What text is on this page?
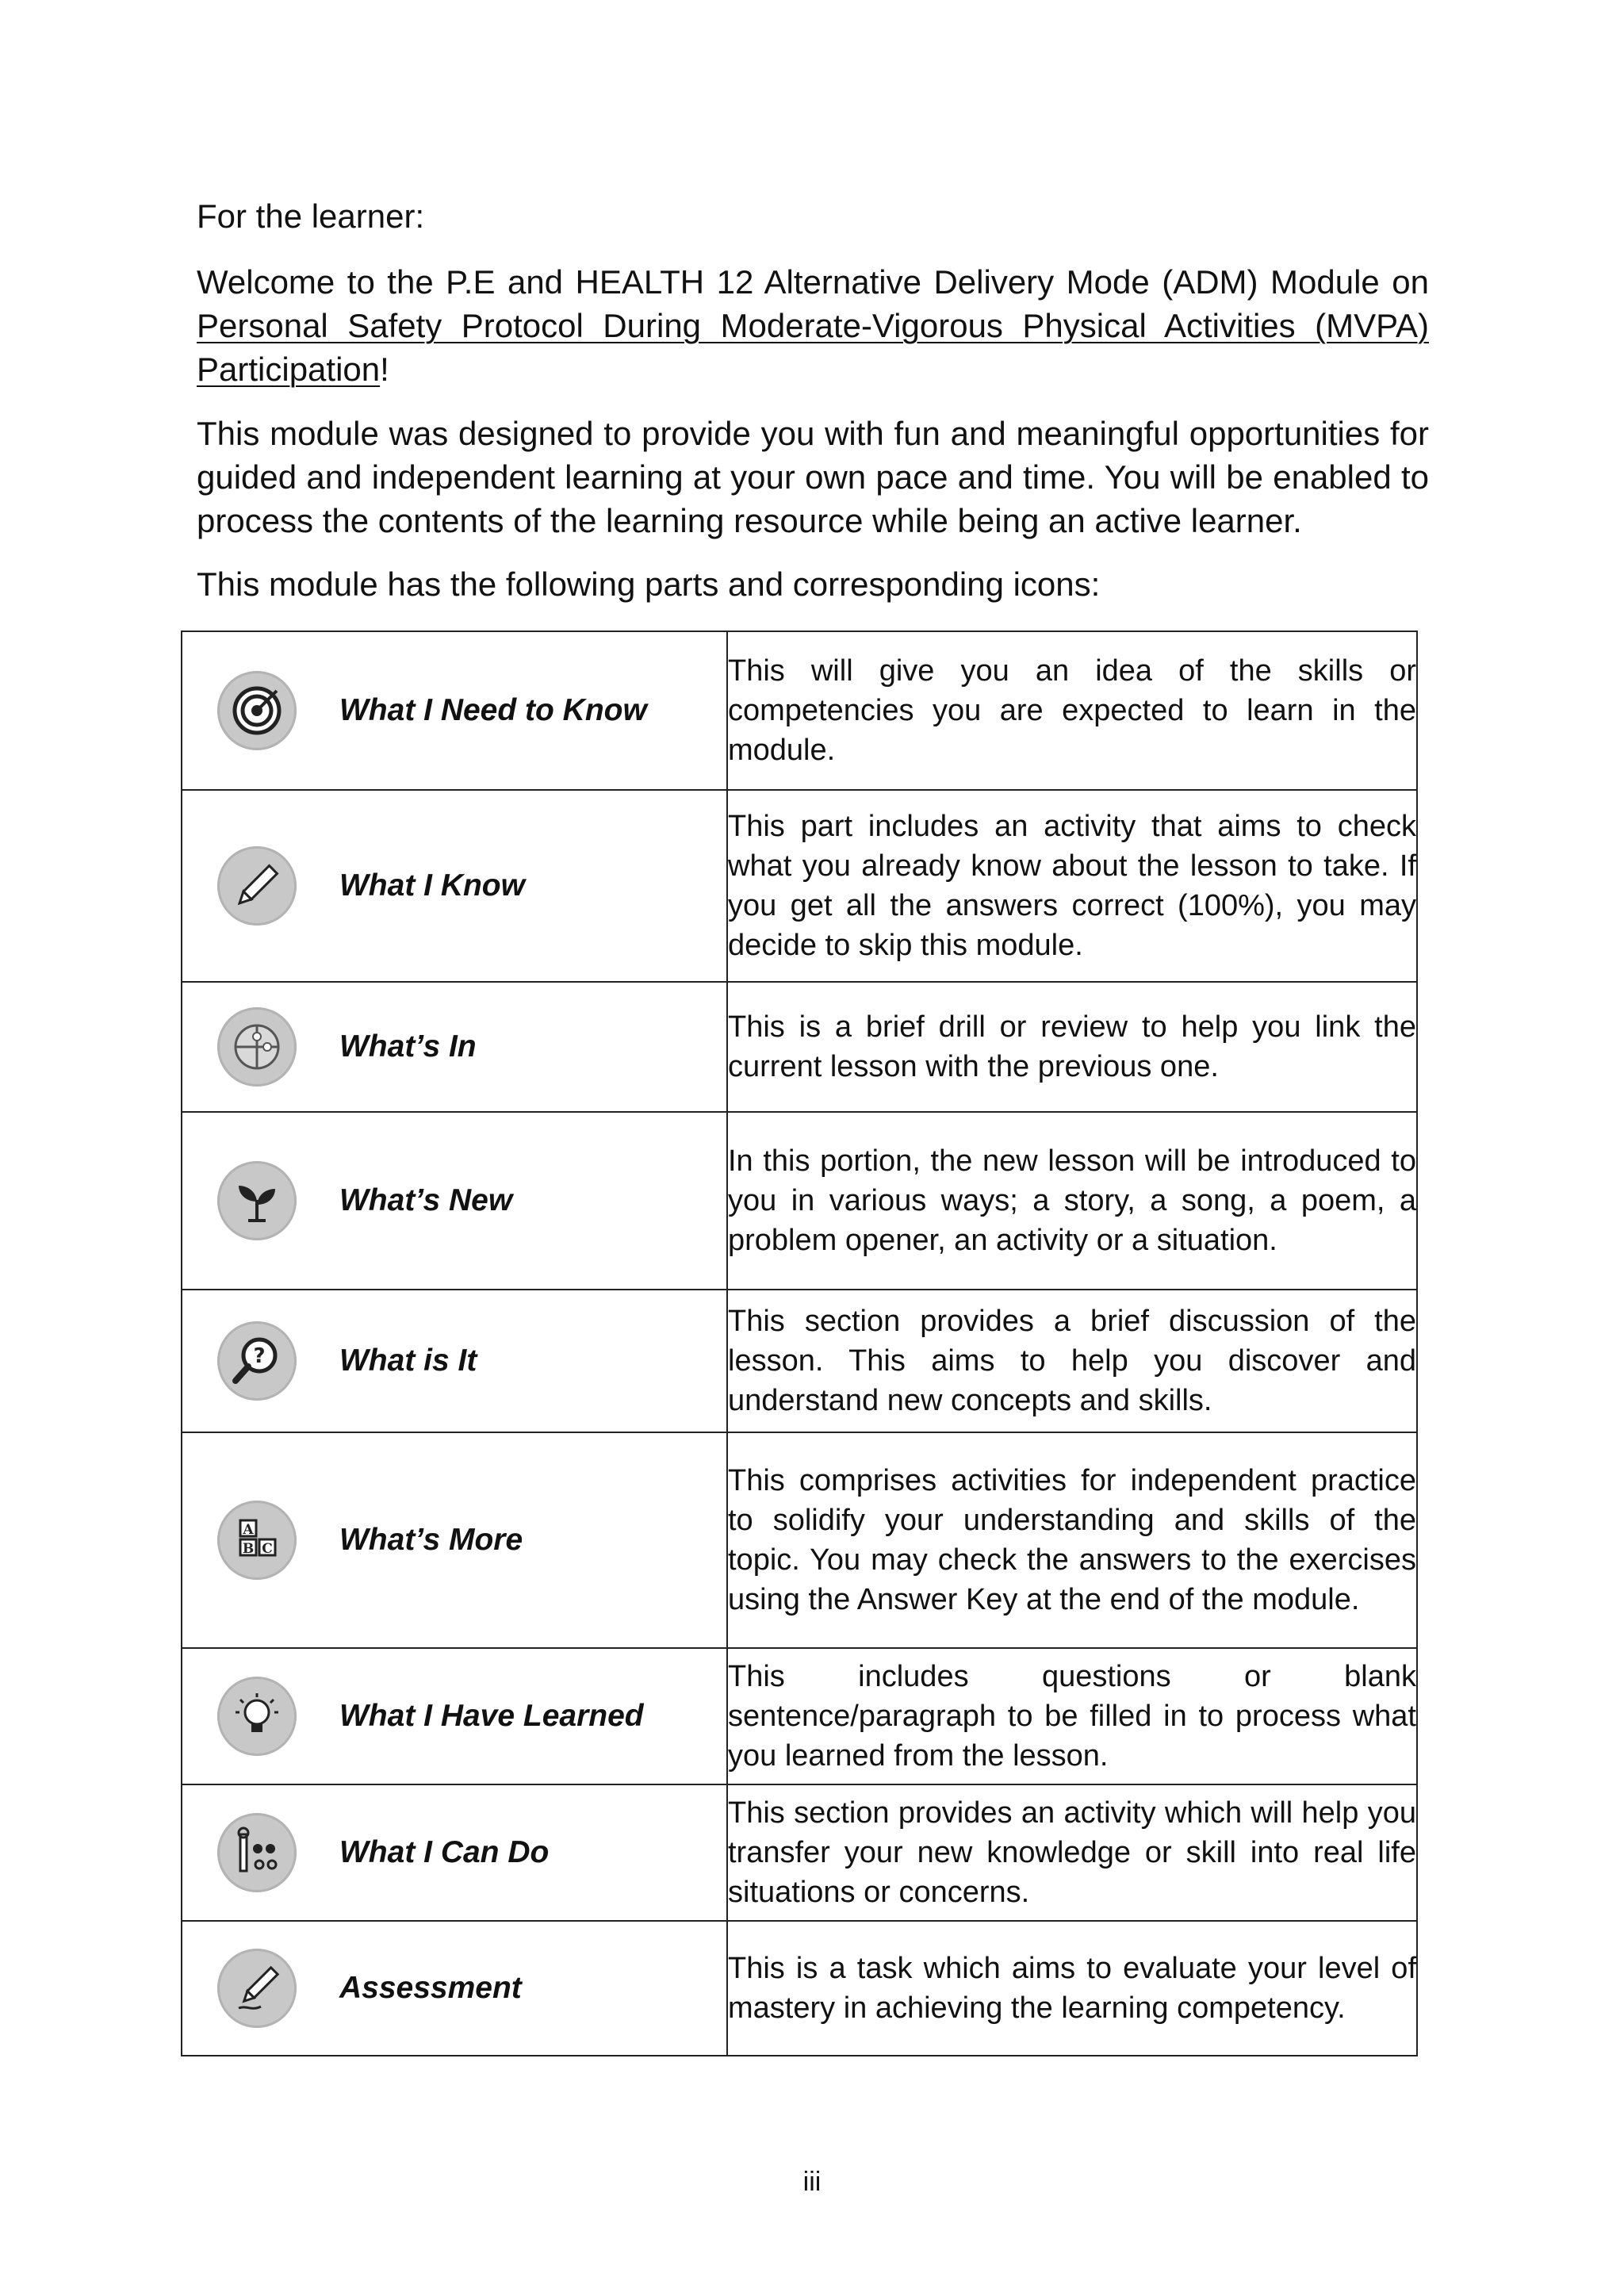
For the learner:

Welcome to the P.E and HEALTH 12 Alternative Delivery Mode (ADM) Module on Personal Safety Protocol During Moderate-Vigorous Physical Activities (MVPA) Participation!

This module was designed to provide you with fun and meaningful opportunities for guided and independent learning at your own pace and time. You will be enabled to process the contents of the learning resource while being an active learner.

This module has the following parts and corresponding icons:

What I Need to Know	This will give you an idea of the skills or competencies you are expected to learn in the module.

What I Know	This part includes an activity that aims to check what you already know about the lesson to take. If you get all the answers correct (100%), you may decide to skip this module.

What’s In	This is a brief drill or review to help you link the current lesson with the previous one.

What’s New	In this portion, the new lesson will be introduced to you in various ways; a story, a song, a poem, a problem opener, an activity or a situation.

? What is It	This section provides a brief discussion of the lesson. This aims to help you discover and understand new concepts and skills.

A
B C What’s More	This comprises activities for independent practice to solidify your understanding and skills of the topic. You may check the answers to the exercises using the Answer Key at the end of the module.

What I Have Learned	This includes questions or blank sentence/paragraph to be filled in to process what you learned from the lesson.

What I Can Do	This section provides an activity which will help you transfer your new knowledge or skill into real life situations or concerns.

Assessment	This is a task which aims to evaluate your level of mastery in achieving the learning competency.
iii
